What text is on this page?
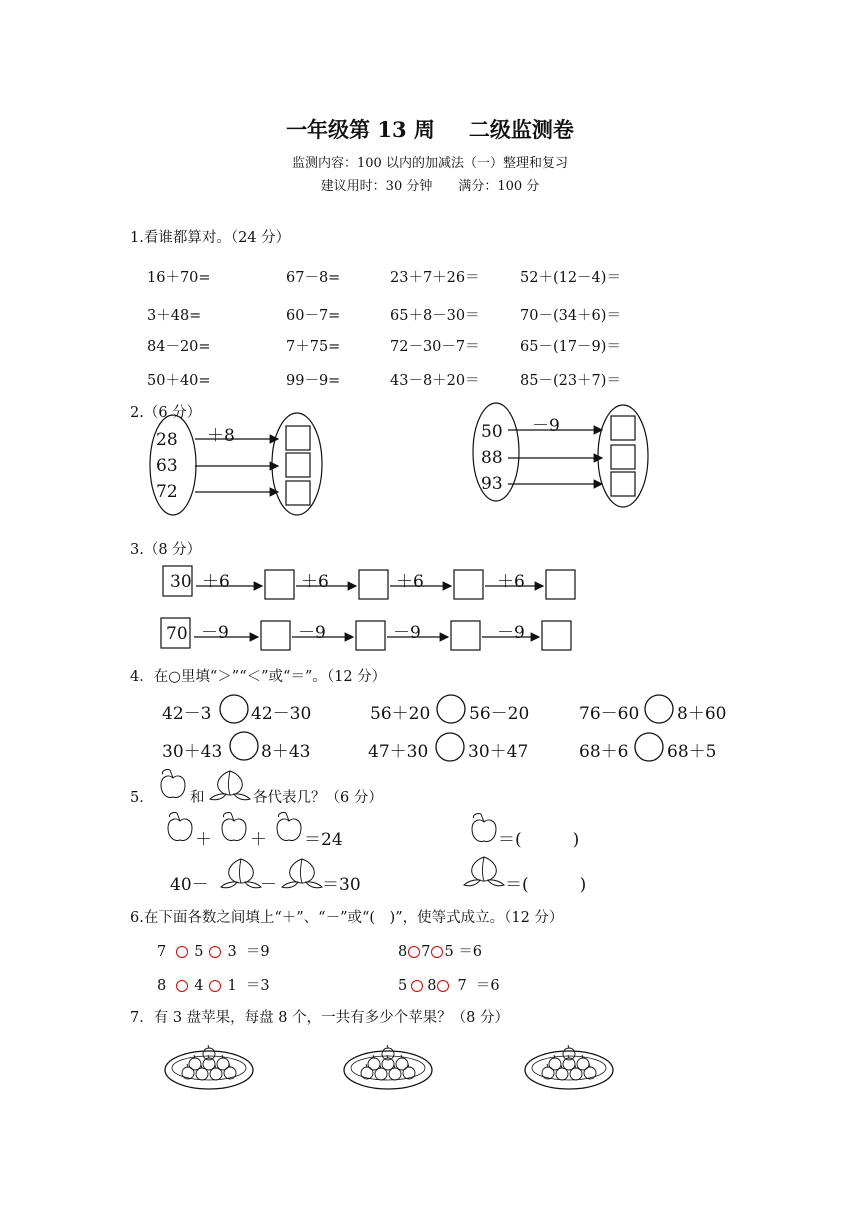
一年级第 13 周 二级监测卷
监测内容：100 以内的加减法（一）整理和复习
建议用时：30 分钟 满分：100 分
1.看谁都算对。（24 分）
16＋70=	67－8=	23＋7＋26＝	52＋(12－4)＝
3＋48=	60－7=	65＋8－30＝	70－(34＋6)＝
84－20=	7＋75=	72－30－7＝	65－(17－9)＝
50＋40=	99－9=	43－8＋20＝	85－(23＋7)＝
2.（6 分）
＋8
28
63
72
－9
50
88
93
3.（8 分）
30 ＋6	＋6	＋6	＋6
70 －9	－9	－9	－9
4．在○里填“＞”“＜”或“＝”。（12 分）
42－3 42－30	56＋20 56－20	76－60 8＋60
30＋43 8＋43	47＋30 30＋47	68＋6 68＋5
5．	和	各代表几？（6 分）
＋ ＋ ＝24	＝(　　　)
40－	－	＝30	＝(　　　)
6.在下面各数之间填上“＋”、“－”或“(　)”，使等式成立。（12 分）
7 5 3 ＝9	8 7 5 ＝6
8 4 1 ＝3	5 8 7 ＝6
7．有 3 盘苹果，每盘 8 个，一共有多少个苹果？（8 分）
